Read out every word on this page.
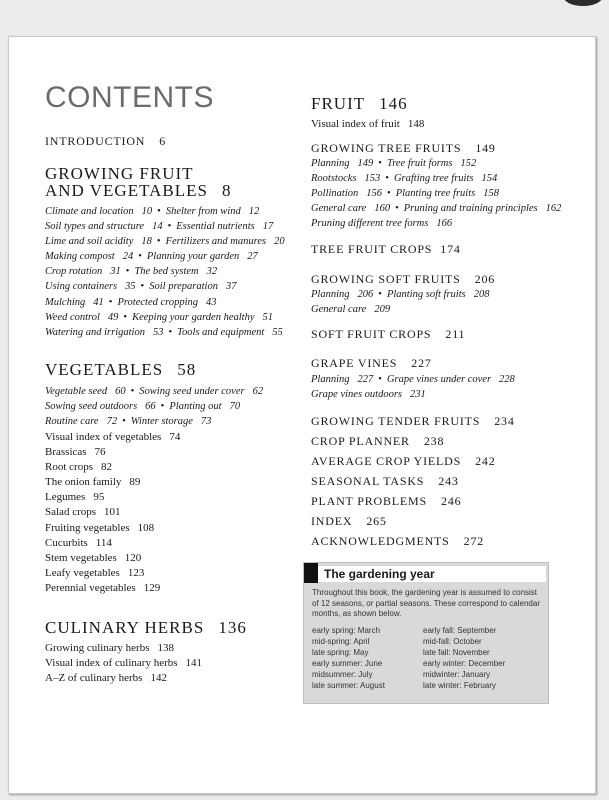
CONTENTS
INTRODUCTION 6
GROWING FRUIT
AND VEGETABLES 8
Climate and location 10 • Shelter from wind 12
Soil types and structure 14 • Essential nutrients 17
Lime and soil acidity 18 • Fertilizers and manures 20
Making compost 24 • Planning your garden 27
Crop rotation 31 • The bed system 32
Using containers 35 • Soil preparation 37
Mulching 41 • Protected cropping 43
Weed control 49 • Keeping your garden healthy 51
Watering and irrigation 53 • Tools and equipment 55
VEGETABLES 58
Vegetable seed 60 • Sowing seed under cover 62
Sowing seed outdoors 66 • Planting out 70
Routine care 72 • Winter storage 73
Visual index of vegetables 74
Brassicas 76
Root crops 82
The onion family 89
Legumes 95
Salad crops 101
Fruiting vegetables 108
Cucurbits 114
Stem vegetables 120
Leafy vegetables 123
Perennial vegetables 129
CULINARY HERBS 136
Growing culinary herbs 138
Visual index of culinary herbs 141
A–Z of culinary herbs 142
FRUIT 146
Visual index of fruit 148
GROWING TREE FRUITS 149
Planning 149 • Tree fruit forms 152
Rootstocks 153 • Grafting tree fruits 154
Pollination 156 • Planting tree fruits 158
General care 160 • Pruning and training principles 162
Pruning different tree forms 166
TREE FRUIT CROPS 174
GROWING SOFT FRUITS 206
Planning 206 • Planting soft fruits 208
General care 209
SOFT FRUIT CROPS 211
GRAPE VINES 227
Planning 227 • Grape vines under cover 228
Grape vines outdoors 231
GROWING TENDER FRUITS 234
CROP PLANNER 238
AVERAGE CROP YIELDS 242
SEASONAL TASKS 243
PLANT PROBLEMS 246
INDEX 265
ACKNOWLEDGMENTS 272
The gardening year
Throughout this book, the gardening year is assumed to consist of 12 seasons, or partial seasons. These correspond to calendar months, as shown below.
early spring: March	early fall: September
mid-spring: April	mid-fall: October
late spring: May	late fall: November
early summer: June	early winter: December
midsummer: July	midwinter: January
late summer: August	late winter: February
